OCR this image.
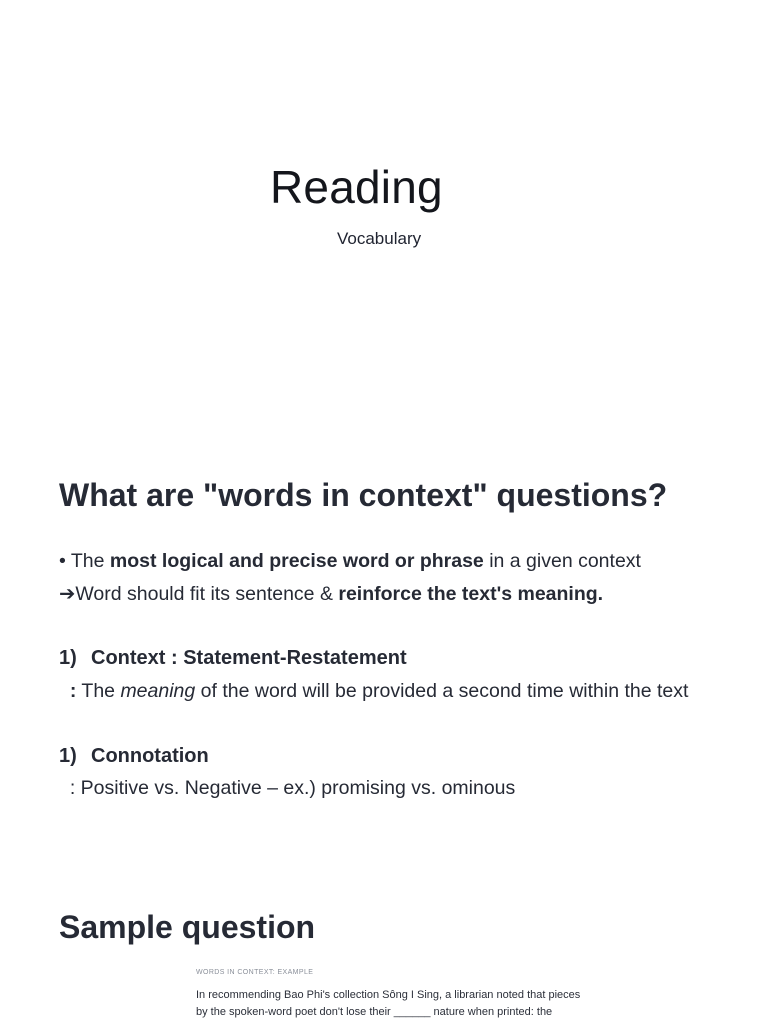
Reading
Vocabulary
What are "words in context" questions?
• The most logical and precise word or phrase in a given context
➔Word should fit its sentence & reinforce the text's meaning.
1) Context : Statement-Restatement
: The meaning of the word will be provided a second time within the text
1) Connotation
: Positive vs. Negative – ex.) promising vs. ominous
Sample question
WORDS IN CONTEXT: EXAMPLE
In recommending Bao Phi's collection Sông I Sing, a librarian noted that pieces
by the spoken-word poet don't lose their ______ nature when printed: the
